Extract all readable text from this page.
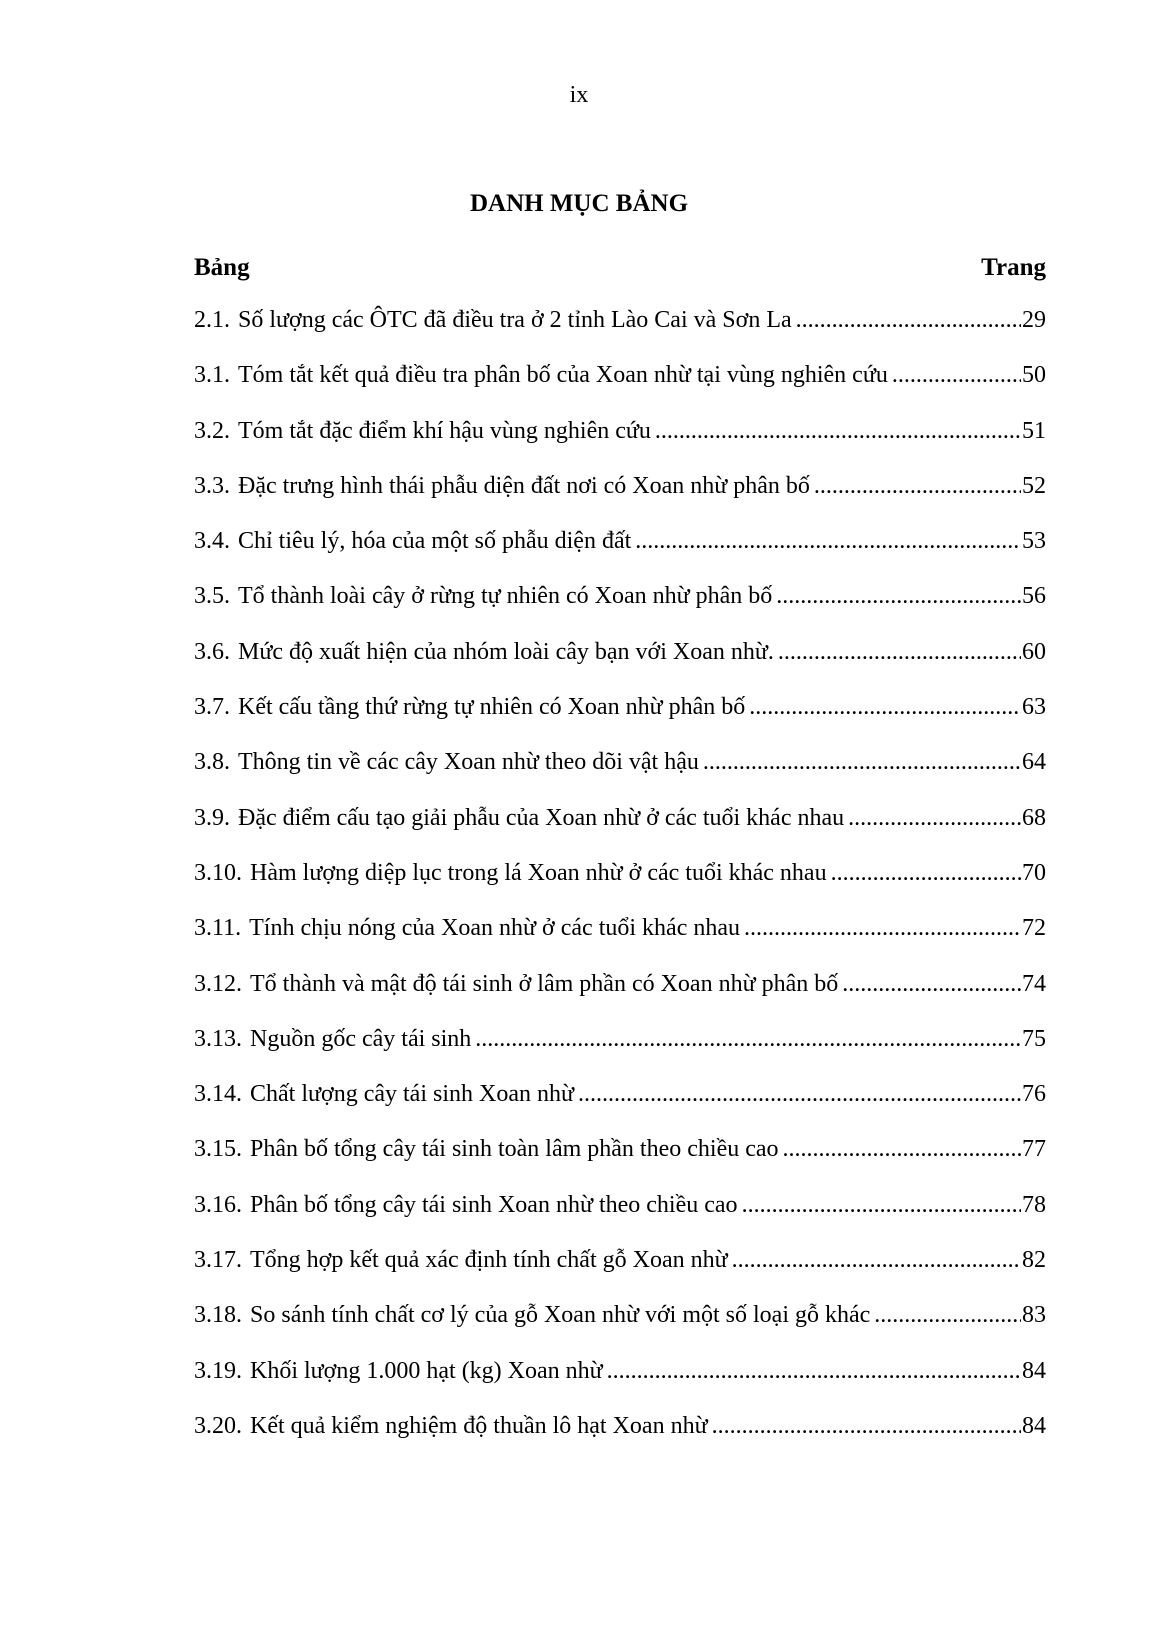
ix
DANH MỤC BẢNG
Bảng	Trang
2.1. Số lượng các ÔTC đã điều tra ở 2 tỉnh Lào Cai và Sơn La .....	29
3.1. Tóm tắt kết quả điều tra phân bố của Xoan nhừ tại vùng nghiên cứu .....	50
3.2. Tóm tắt đặc điểm khí hậu vùng nghiên cứu .....	51
3.3. Đặc trưng hình thái phẫu diện đất nơi có Xoan nhừ phân bố .....	52
3.4. Chỉ tiêu lý, hóa của một số phẫu diện đất .....	53
3.5. Tổ thành loài cây ở rừng tự nhiên có Xoan nhừ phân bố .....	56
3.6. Mức độ xuất hiện của nhóm loài cây bạn với Xoan nhừ. .....	60
3.7. Kết cấu tầng thứ rừng tự nhiên có Xoan nhừ phân bố .....	63
3.8. Thông tin về các cây Xoan nhừ theo dõi vật hậu .....	64
3.9. Đặc điểm cấu tạo giải phẫu của Xoan nhừ ở các tuổi khác nhau .....	68
3.10. Hàm lượng diệp lục trong lá Xoan nhừ ở các tuổi khác nhau .....	70
3.11. Tính chịu nóng của Xoan nhừ ở các tuổi khác nhau .....	72
3.12. Tổ thành và mật độ tái sinh ở lâm phần có Xoan nhừ phân bố .....	74
3.13. Nguồn gốc cây tái sinh .....	75
3.14. Chất lượng cây tái sinh Xoan nhừ .....	76
3.15. Phân bố tổng cây tái sinh toàn lâm phần theo chiều cao .....	77
3.16. Phân bố tổng cây tái sinh Xoan nhừ theo chiều cao .....	78
3.17. Tổng hợp kết quả xác định tính chất gỗ Xoan nhừ .....	82
3.18. So sánh tính chất cơ lý của gỗ Xoan nhừ với một số loại gỗ khác .....	83
3.19. Khối lượng 1.000 hạt (kg) Xoan nhừ .....	84
3.20. Kết quả kiểm nghiệm độ thuần lô hạt Xoan nhừ .....	84
